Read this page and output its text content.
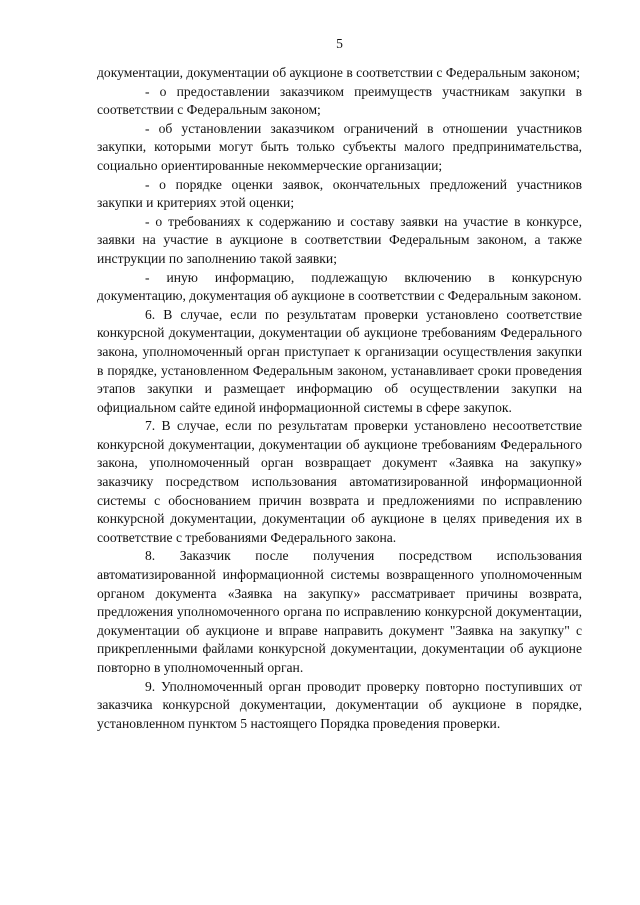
5

документации, документации об аукционе в соответствии с Федеральным законом;

- о предоставлении заказчиком преимуществ участникам закупки в соответствии с Федеральным законом;

- об установлении заказчиком ограничений в отношении участников закупки, которыми могут быть только субъекты малого предпринимательства, социально ориентированные некоммерческие организации;

- о порядке оценки заявок, окончательных предложений участников закупки и критериях этой оценки;

- о требованиях к содержанию и составу заявки на участие в конкурсе, заявки на участие в аукционе в соответствии Федеральным законом, а также инструкции по заполнению такой заявки;

- иную информацию, подлежащую включению в конкурсную документацию, документация об аукционе в соответствии с Федеральным законом.

6. В случае, если по результатам проверки установлено соответствие конкурсной документации, документации об аукционе требованиям Федерального закона, уполномоченный орган приступает к организации осуществления закупки в порядке, установленном Федеральным законом, устанавливает сроки проведения этапов закупки и размещает информацию об осуществлении закупки на официальном сайте единой информационной системы в сфере закупок.

7. В случае, если по результатам проверки установлено несоответствие конкурсной документации, документации об аукционе требованиям Федерального закона, уполномоченный орган возвращает документ «Заявка на закупку» заказчику посредством использования автоматизированной информационной системы с обоснованием причин возврата и предложениями по исправлению конкурсной документации, документации об аукционе в целях приведения их в соответствие с требованиями Федерального закона.

8. Заказчик после получения посредством использования автоматизированной информационной системы возвращенного уполномоченным органом документа «Заявка на закупку» рассматривает причины возврата, предложения уполномоченного органа по исправлению конкурсной документации, документации об аукционе и вправе направить документ "Заявка на закупку" с прикрепленными файлами конкурсной документации, документации об аукционе повторно в уполномоченный орган.

9. Уполномоченный орган проводит проверку повторно поступивших от заказчика конкурсной документации, документации об аукционе в порядке, установленном пунктом 5 настоящего Порядка проведения проверки.
